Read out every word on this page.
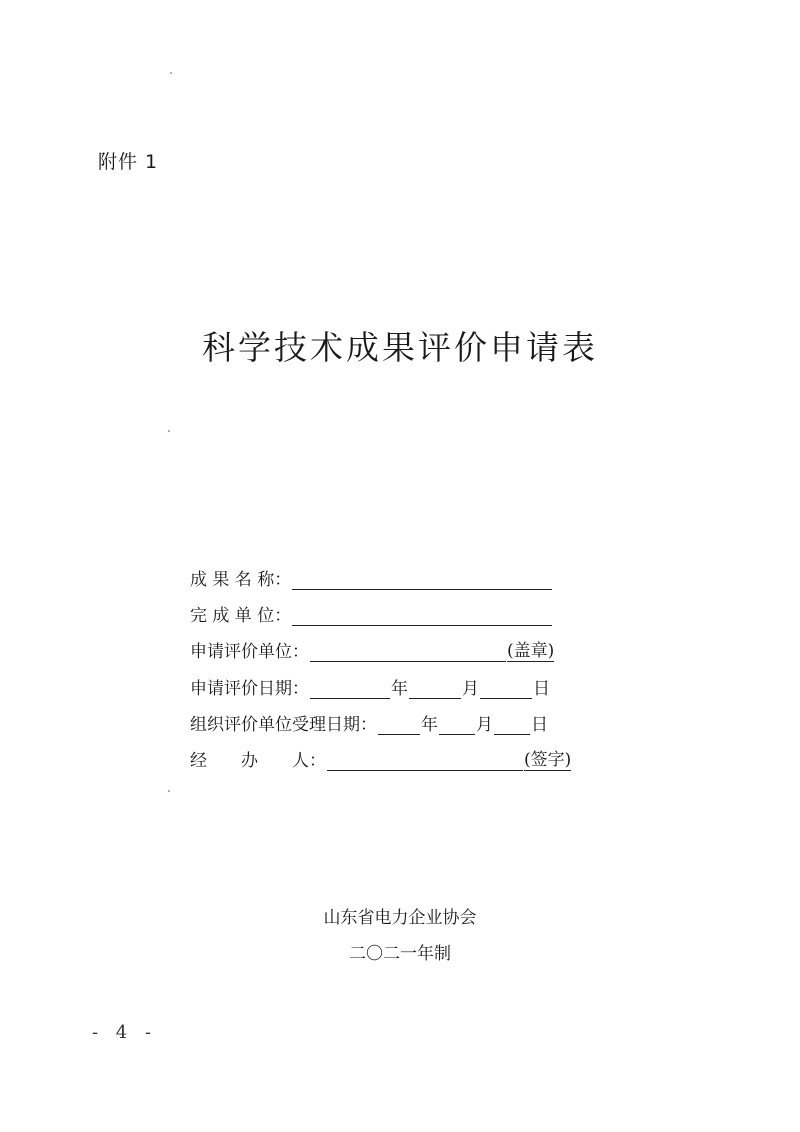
附件 1
科学技术成果评价申请表
成 果 名 称：
完 成 单 位：
申请评价单位：	(盖章)
申请评价日期：	年	月	日
组织评价单位受理日期：	年 月 日
经　　办　　人：	(签字)
山东省电力企业协会
二〇二一年制
- 4 -
